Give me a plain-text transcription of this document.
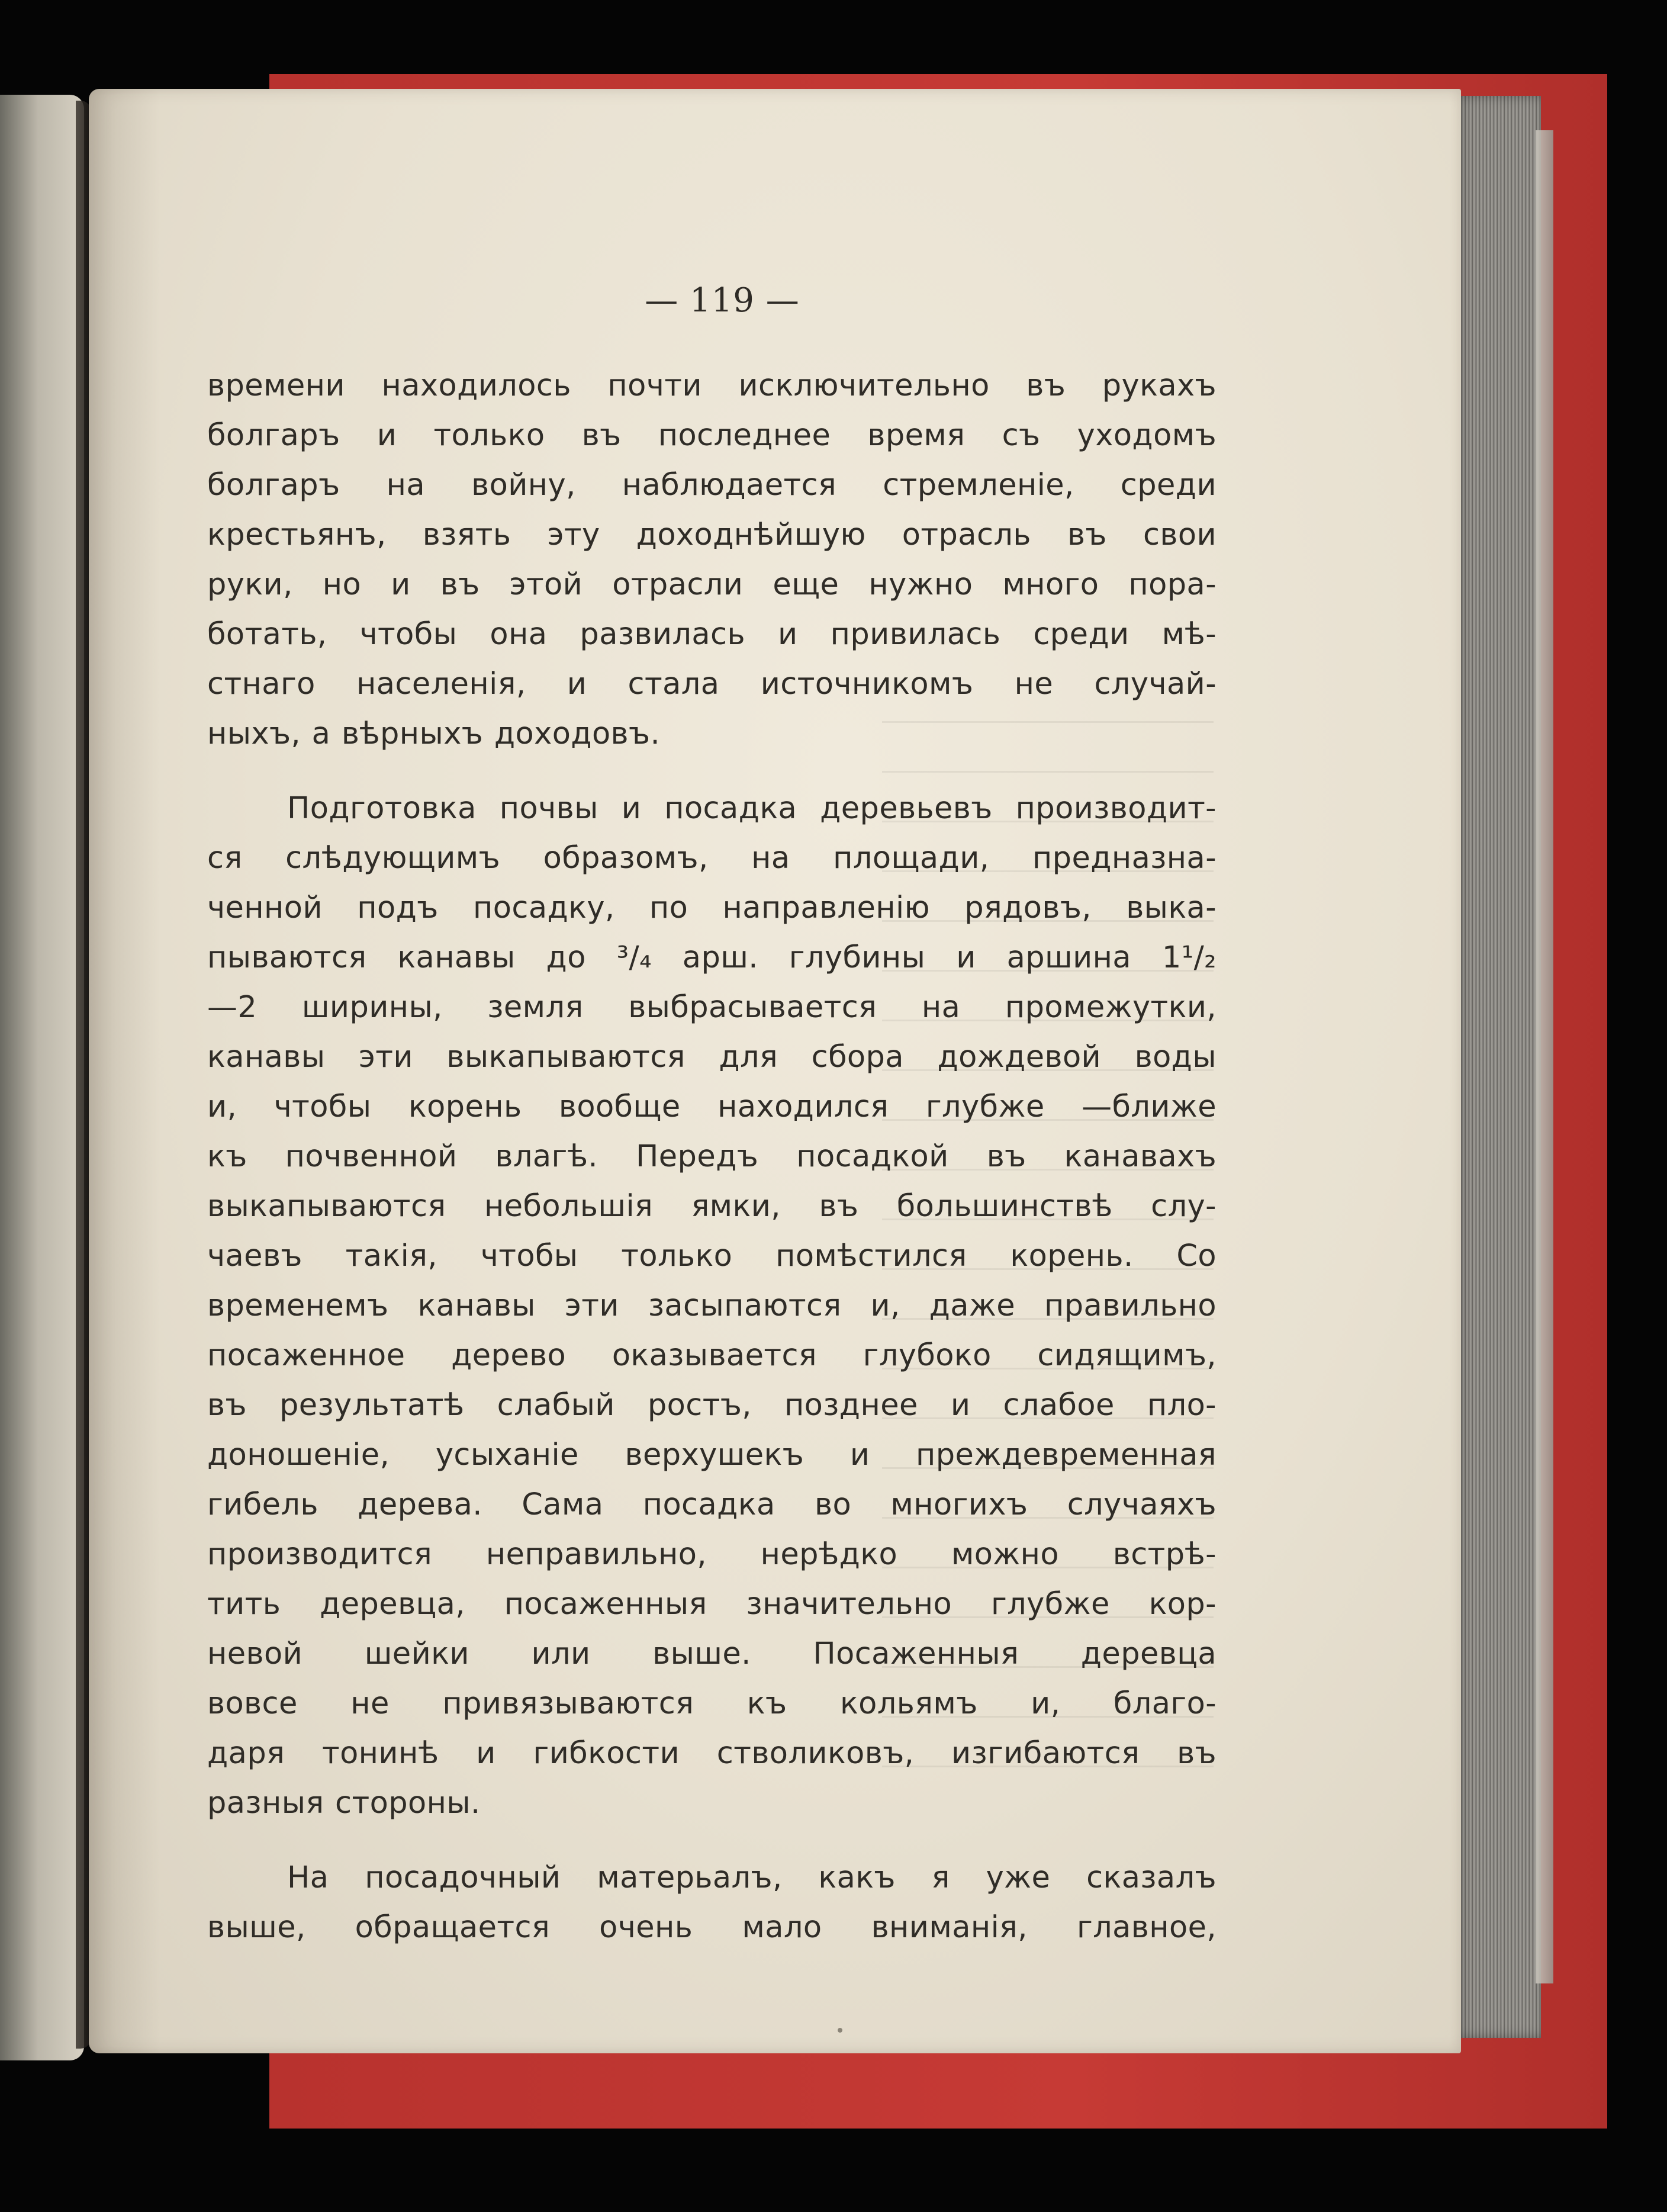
— 119 —
времени находилось почти исключительно въ рукахъ
болгаръ и только въ последнее время съ уходомъ
болгаръ на войну, наблюдается стремленіе, среди
крестьянъ, взять эту доходнѣйшую отрасль въ свои
руки, но и въ этой отрасли еще нужно много пора-
ботать, чтобы она развилась и привилась среди мѣ-
стнаго населенія, и стала источникомъ не случай-
ныхъ, а вѣрныхъ доходовъ.
Подготовка почвы и посадка деревьевъ производит-
ся слѣдующимъ образомъ, на площади, предназна-
ченной подъ посадку, по направленію рядовъ, выка-
пываются канавы до ³/₄ арш. глубины и аршина 1¹/₂
—2 ширины, земля выбрасывается на промежутки,
канавы эти выкапываются для сбора дождевой воды
и, чтобы корень вообще находился глубже —ближе
къ почвенной влагѣ. Передъ посадкой въ канавахъ
выкапываются небольшія ямки, въ большинствѣ слу-
чаевъ такія, чтобы только помѣстился корень. Со
временемъ канавы эти засыпаются и, даже правильно
посаженное дерево оказывается глубоко сидящимъ,
въ результатѣ слабый ростъ, позднее и слабое пло-
доношеніе, усыханіе верхушекъ и преждевременная
гибель дерева. Сама посадка во многихъ случаяхъ
производится неправильно, нерѣдко можно встрѣ-
тить деревца, посаженныя значительно глубже кор-
невой шейки или выше. Посаженныя деревца
вовсе не привязываются къ кольямъ и, благо-
даря тонинѣ и гибкости стволиковъ, изгибаются въ
разныя стороны.
На посадочный матерьалъ, какъ я уже сказалъ
выше, обращается очень мало вниманія, главное,
